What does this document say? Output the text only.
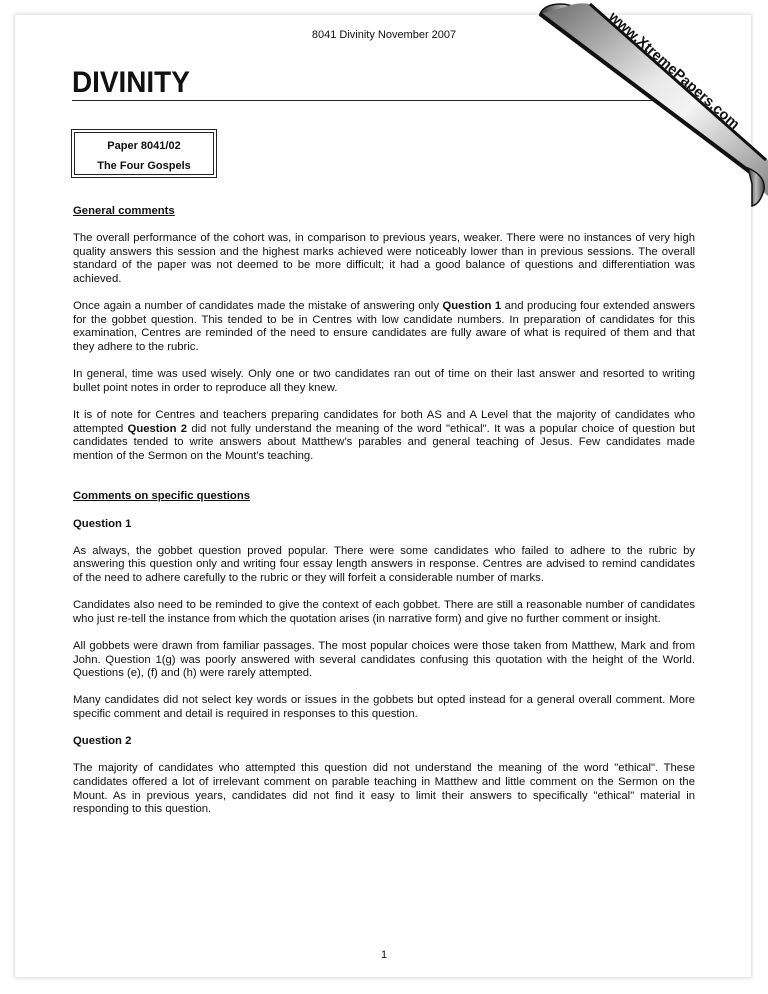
8041 Divinity November 2007
DIVINITY
Paper 8041/02
The Four Gospels
General comments

The overall performance of the cohort was, in comparison to previous years, weaker. There were no instances of very high quality answers this session and the highest marks achieved were noticeably lower than in previous sessions. The overall standard of the paper was not deemed to be more difficult; it had a good balance of questions and differentiation was achieved.

Once again a number of candidates made the mistake of answering only Question 1 and producing four extended answers for the gobbet question. This tended to be in Centres with low candidate numbers. In preparation of candidates for this examination, Centres are reminded of the need to ensure candidates are fully aware of what is required of them and that they adhere to the rubric.

In general, time was used wisely. Only one or two candidates ran out of time on their last answer and resorted to writing bullet point notes in order to reproduce all they knew.

It is of note for Centres and teachers preparing candidates for both AS and A Level that the majority of candidates who attempted Question 2 did not fully understand the meaning of the word "ethical". It was a popular choice of question but candidates tended to write answers about Matthew’s parables and general teaching of Jesus. Few candidates made mention of the Sermon on the Mount’s teaching.

Comments on specific questions
Question 1

As always, the gobbet question proved popular. There were some candidates who failed to adhere to the rubric by answering this question only and writing four essay length answers in response. Centres are advised to remind candidates of the need to adhere carefully to the rubric or they will forfeit a considerable number of marks.

Candidates also need to be reminded to give the context of each gobbet. There are still a reasonable number of candidates who just re-tell the instance from which the quotation arises (in narrative form) and give no further comment or insight.

All gobbets were drawn from familiar passages. The most popular choices were those taken from Matthew, Mark and from John. Question 1(g) was poorly answered with several candidates confusing this quotation with the height of the World. Questions (e), (f) and (h) were rarely attempted.

Many candidates did not select key words or issues in the gobbets but opted instead for a general overall comment. More specific comment and detail is required in responses to this question.

Question 2

The majority of candidates who attempted this question did not understand the meaning of the word "ethical". These candidates offered a lot of irrelevant comment on parable teaching in Matthew and little comment on the Sermon on the Mount. As in previous years, candidates did not find it easy to limit their answers to specifically "ethical" material in responding to this question.

1
www.XtremePapers.com
